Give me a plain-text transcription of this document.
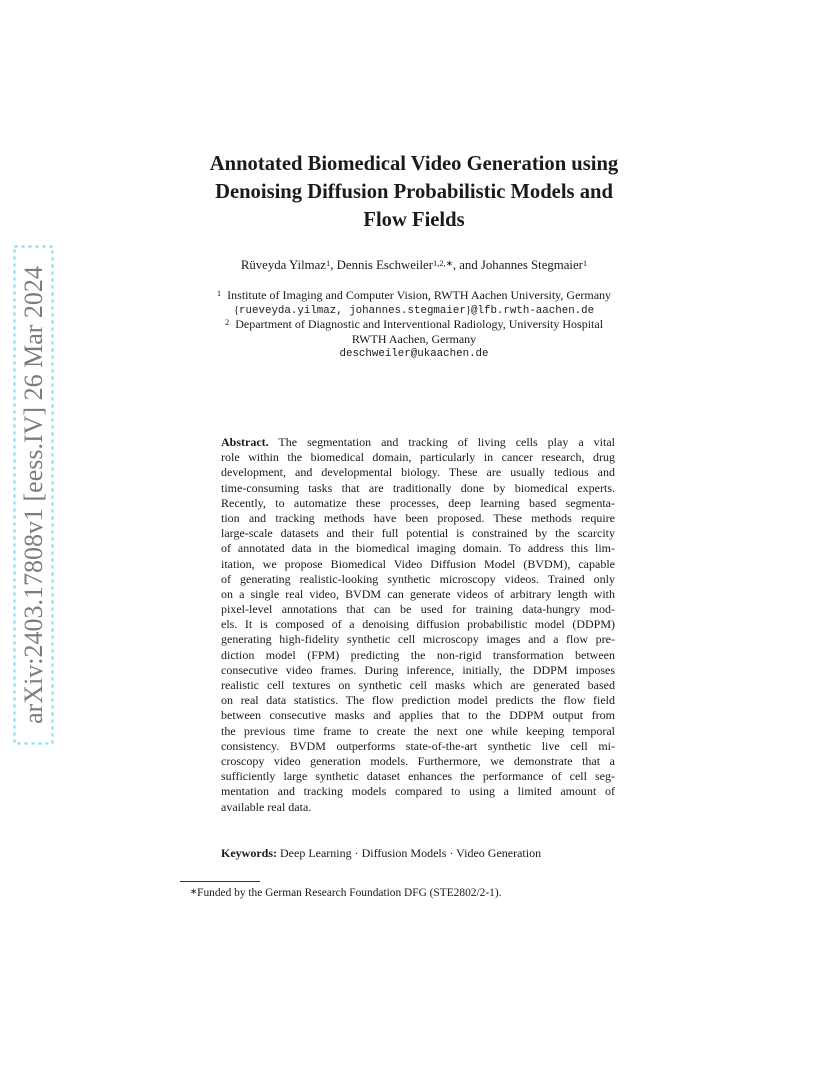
arXiv:2403.17808v1 [eess.IV] 26 Mar 2024
Annotated Biomedical Video Generation using
Denoising Diffusion Probabilistic Models and
Flow Fields
Rüveyda Yilmaz$^1$, Dennis Eschweiler$^{1,2,∗}$, and Johannes Stegmaier$^1$
$^1$ Institute of Imaging and Computer Vision, RWTH Aachen University, Germany
{rueveyda.yilmaz, johannes.stegmaier}@lfb.rwth-aachen.de
$^2$ Department of Diagnostic and Interventional Radiology, University Hospital
RWTH Aachen, Germany
deschweiler@ukaachen.de
Abstract. The segmentation and tracking of living cells play a vital
role within the biomedical domain, particularly in cancer research, drug
development, and developmental biology. These are usually tedious and
time-consuming tasks that are traditionally done by biomedical experts.
Recently, to automatize these processes, deep learning based segmenta-
tion and tracking methods have been proposed. These methods require
large-scale datasets and their full potential is constrained by the scarcity
of annotated data in the biomedical imaging domain. To address this lim-
itation, we propose Biomedical Video Diffusion Model (BVDM), capable
of generating realistic-looking synthetic microscopy videos. Trained only
on a single real video, BVDM can generate videos of arbitrary length with
pixel-level annotations that can be used for training data-hungry mod-
els. It is composed of a denoising diffusion probabilistic model (DDPM)
generating high-fidelity synthetic cell microscopy images and a flow pre-
diction model (FPM) predicting the non-rigid transformation between
consecutive video frames. During inference, initially, the DDPM imposes
realistic cell textures on synthetic cell masks which are generated based
on real data statistics. The flow prediction model predicts the flow field
between consecutive masks and applies that to the DDPM output from
the previous time frame to create the next one while keeping temporal
consistency. BVDM outperforms state-of-the-art synthetic live cell mi-
croscopy video generation models. Furthermore, we demonstrate that a
sufficiently large synthetic dataset enhances the performance of cell seg-
mentation and tracking models compared to using a limited amount of
available real data.
Keywords: Deep Learning · Diffusion Models · Video Generation
∗Funded by the German Research Foundation DFG (STE2802/2-1).
